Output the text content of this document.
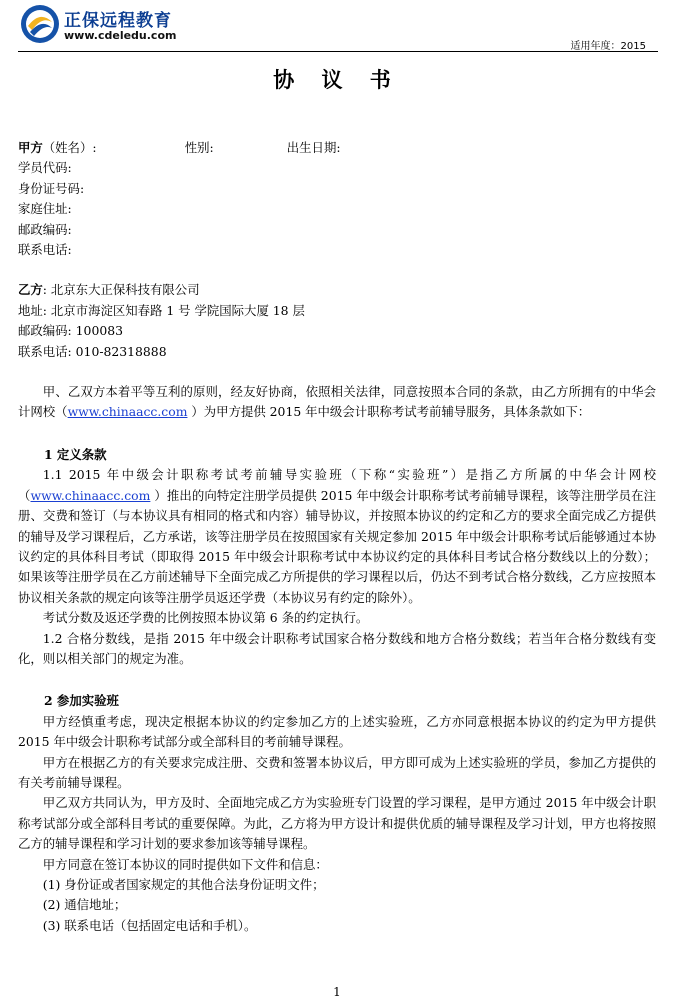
正保远程教育
www.cdeledu.com
适用年度：2015
协 议 书
甲方（姓名）:	性别:	出生日期:
学员代码:
身份证号码:
家庭住址:
邮政编码:
联系电话:
乙方: 北京东大正保科技有限公司
地址: 北京市海淀区知春路 1 号 学院国际大厦 18 层
邮政编码: 100083
联系电话: 010-82318888
甲、乙双方本着平等互利的原则，经友好协商，依照相关法律，同意按照本合同的条款，由乙方所拥有的中华会计网校（www.chinaacc.com ）为甲方提供 2015 年中级会计职称考试考前辅导服务，具体条款如下：
1 定义条款
1.1 2015 年中级会计职称考试考前辅导实验班（下称“实验班”）是指乙方所属的中华会计网校（www.chinaacc.com ）推出的向特定注册学员提供 2015 年中级会计职称考试考前辅导课程，该等注册学员在注册、交费和签订（与本协议具有相同的格式和内容）辅导协议，并按照本协议的约定和乙方的要求全面完成乙方提供的辅导及学习课程后，乙方承诺，该等注册学员在按照国家有关规定参加 2015 年中级会计职称考试后能够通过本协议约定的具体科目考试（即取得 2015 年中级会计职称考试中本协议约定的具体科目考试合格分数线以上的分数）；如果该等注册学员在乙方前述辅导下全面完成乙方所提供的学习课程以后，仍达不到考试合格分数线，乙方应按照本协议相关条款的规定向该等注册学员返还学费（本协议另有约定的除外）。
考试分数及返还学费的比例按照本协议第 6 条的约定执行。
1.2 合格分数线，是指 2015 年中级会计职称考试国家合格分数线和地方合格分数线；若当年合格分数线有变化，则以相关部门的规定为准。
2 参加实验班
甲方经慎重考虑，现决定根据本协议的约定参加乙方的上述实验班，乙方亦同意根据本协议的约定为甲方提供 2015 年中级会计职称考试部分或全部科目的考前辅导课程。
甲方在根据乙方的有关要求完成注册、交费和签署本协议后，甲方即可成为上述实验班的学员，参加乙方提供的有关考前辅导课程。
甲乙双方共同认为，甲方及时、全面地完成乙方为实验班专门设置的学习课程，是甲方通过 2015 年中级会计职称考试部分或全部科目考试的重要保障。为此，乙方将为甲方设计和提供优质的辅导课程及学习计划，甲方也将按照乙方的辅导课程和学习计划的要求参加该等辅导课程。
甲方同意在签订本协议的同时提供如下文件和信息：
(1) 身份证或者国家规定的其他合法身份证明文件；
(2) 通信地址；
(3) 联系电话（包括固定电话和手机）。
1
